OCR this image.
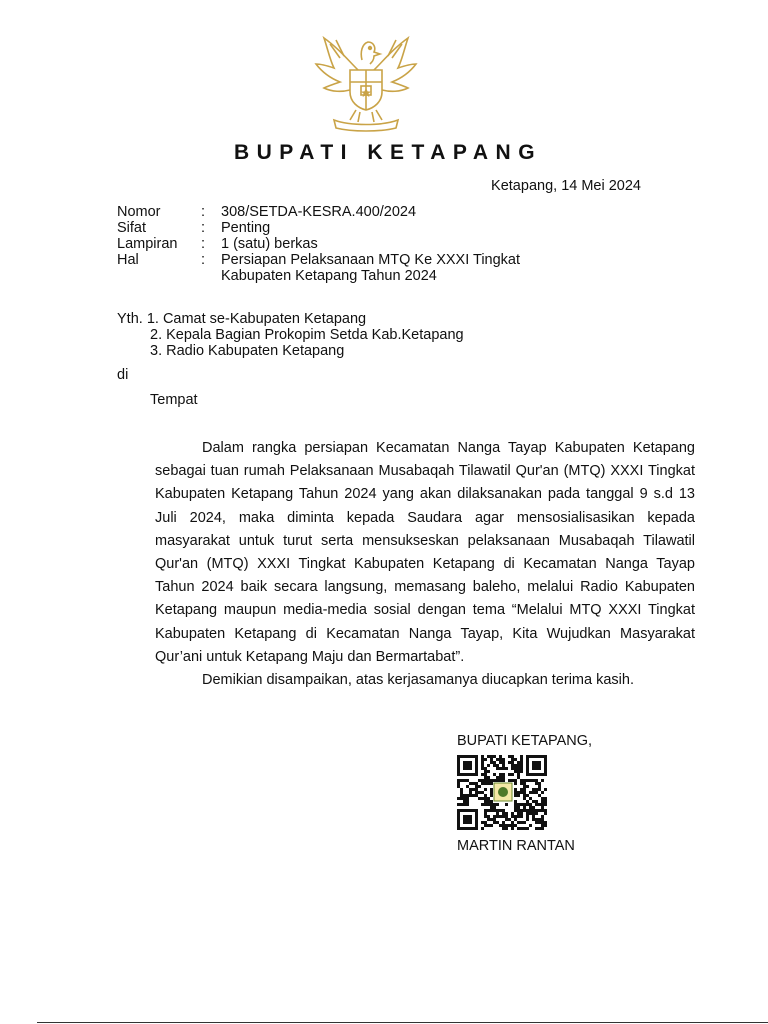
BUPATI KETAPANG
Ketapang, 14 Mei 2024
Nomor	:	308/SETDA-KESRA.400/2024
Sifat	:	Penting
Lampiran	:	1 (satu) berkas
Hal	:	Persiapan Pelaksanaan MTQ Ke XXXI Tingkat Kabupaten Ketapang Tahun 2024
Yth. 1. Camat se-Kabupaten Ketapang
2. Kepala Bagian Prokopim Setda Kab.Ketapang
3. Radio Kabupaten Ketapang
di
Tempat

Dalam rangka persiapan Kecamatan Nanga Tayap Kabupaten Ketapang sebagai tuan rumah Pelaksanaan Musabaqah Tilawatil Qur'an (MTQ) XXXI Tingkat Kabupaten Ketapang Tahun 2024 yang akan dilaksanakan pada tanggal 9 s.d 13 Juli 2024, maka diminta kepada Saudara agar mensosialisasikan kepada masyarakat untuk turut serta mensukseskan pelaksanaan Musabaqah Tilawatil Qur'an (MTQ) XXXI Tingkat Kabupaten Ketapang di Kecamatan Nanga Tayap Tahun 2024 baik secara langsung, memasang baleho, melalui Radio Kabupaten Ketapang maupun media-media sosial dengan tema “Melalui MTQ XXXI Tingkat Kabupaten Ketapang di Kecamatan Nanga Tayap, Kita Wujudkan Masyarakat Qur’ani untuk Ketapang Maju dan Bermartabat”.

Demikian disampaikan, atas kerjasamanya diucapkan terima kasih.

BUPATI KETAPANG,
MARTIN RANTAN
